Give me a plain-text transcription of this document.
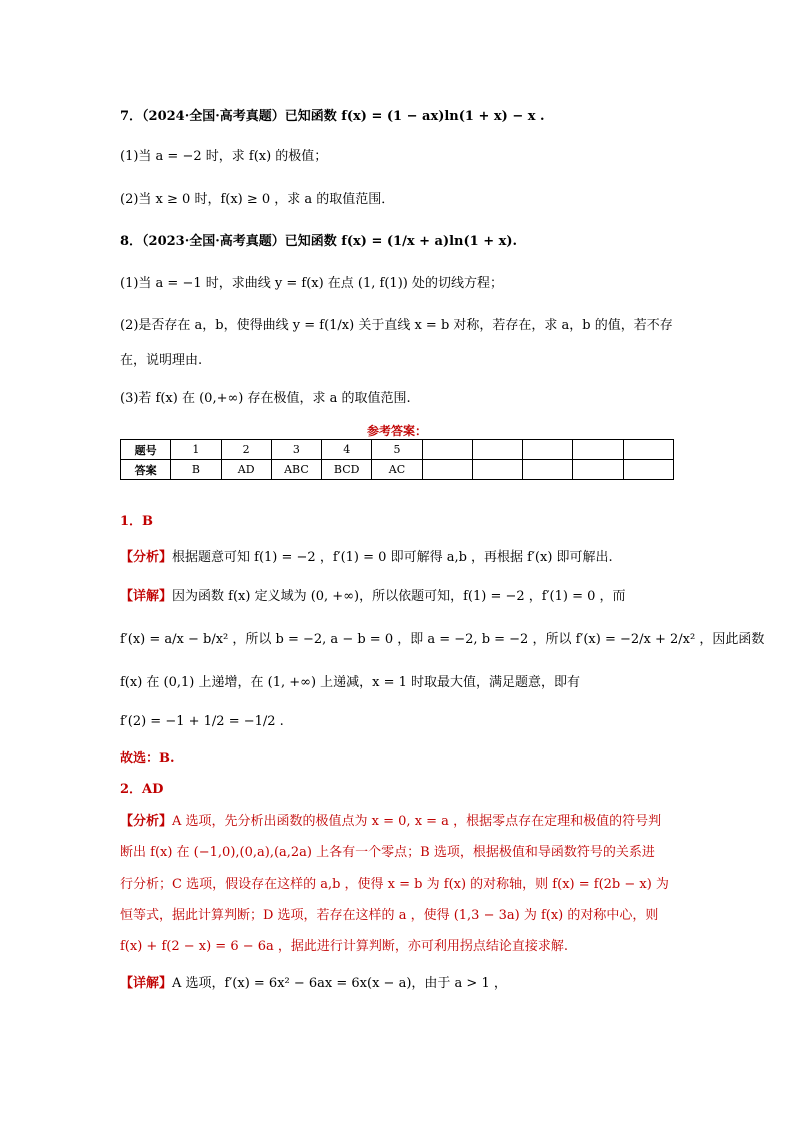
7．（2024·全国·高考真题）已知函数 f(x) = (1 − ax)ln(1 + x) − x .
(1)当 a = −2 时，求 f(x) 的极值；
(2)当 x ≥ 0 时，f(x) ≥ 0 ，求 a 的取值范围．
8．（2023·全国·高考真题）已知函数 f(x) = (1/x + a)ln(1 + x).
(1)当 a = −1 时，求曲线 y = f(x) 在点 (1, f(1)) 处的切线方程；
(2)是否存在 a，b，使得曲线 y = f(1/x) 关于直线 x = b 对称，若存在，求 a，b 的值，若不存
在，说明理由.
(3)若 f(x) 在 (0,+∞) 存在极值，求 a 的取值范围.
参考答案：
题号	1	2	3	4	5					
答案	B	AD	ABC	BCD	AC					
1．B
【分析】根据题意可知 f(1) = −2 ，f′(1) = 0 即可解得 a,b ，再根据 f′(x) 即可解出.
【详解】因为函数 f(x) 定义域为 (0, +∞)，所以依题可知，f(1) = −2 ，f′(1) = 0 ，而
f′(x) = a/x − b/x² ，所以 b = −2, a − b = 0 ，即 a = −2, b = −2 ，所以 f′(x) = −2/x + 2/x² ，因此函数
f(x) 在 (0,1) 上递增，在 (1, +∞) 上递减，x = 1 时取最大值，满足题意，即有
f′(2) = −1 + 1/2 = −1/2 .
故选：B.
2．AD
【分析】A 选项，先分析出函数的极值点为 x = 0, x = a ，根据零点存在定理和极值的符号判
断出 f(x) 在 (−1,0),(0,a),(a,2a) 上各有一个零点；B 选项，根据极值和导函数符号的关系进
行分析；C 选项，假设存在这样的 a,b ，使得 x = b 为 f(x) 的对称轴，则 f(x) = f(2b − x) 为
恒等式，据此计算判断；D 选项，若存在这样的 a ，使得 (1,3 − 3a) 为 f(x) 的对称中心，则
f(x) + f(2 − x) = 6 − 6a ，据此进行计算判断，亦可利用拐点结论直接求解.
【详解】A 选项，f′(x) = 6x² − 6ax = 6x(x − a)，由于 a > 1 ，
